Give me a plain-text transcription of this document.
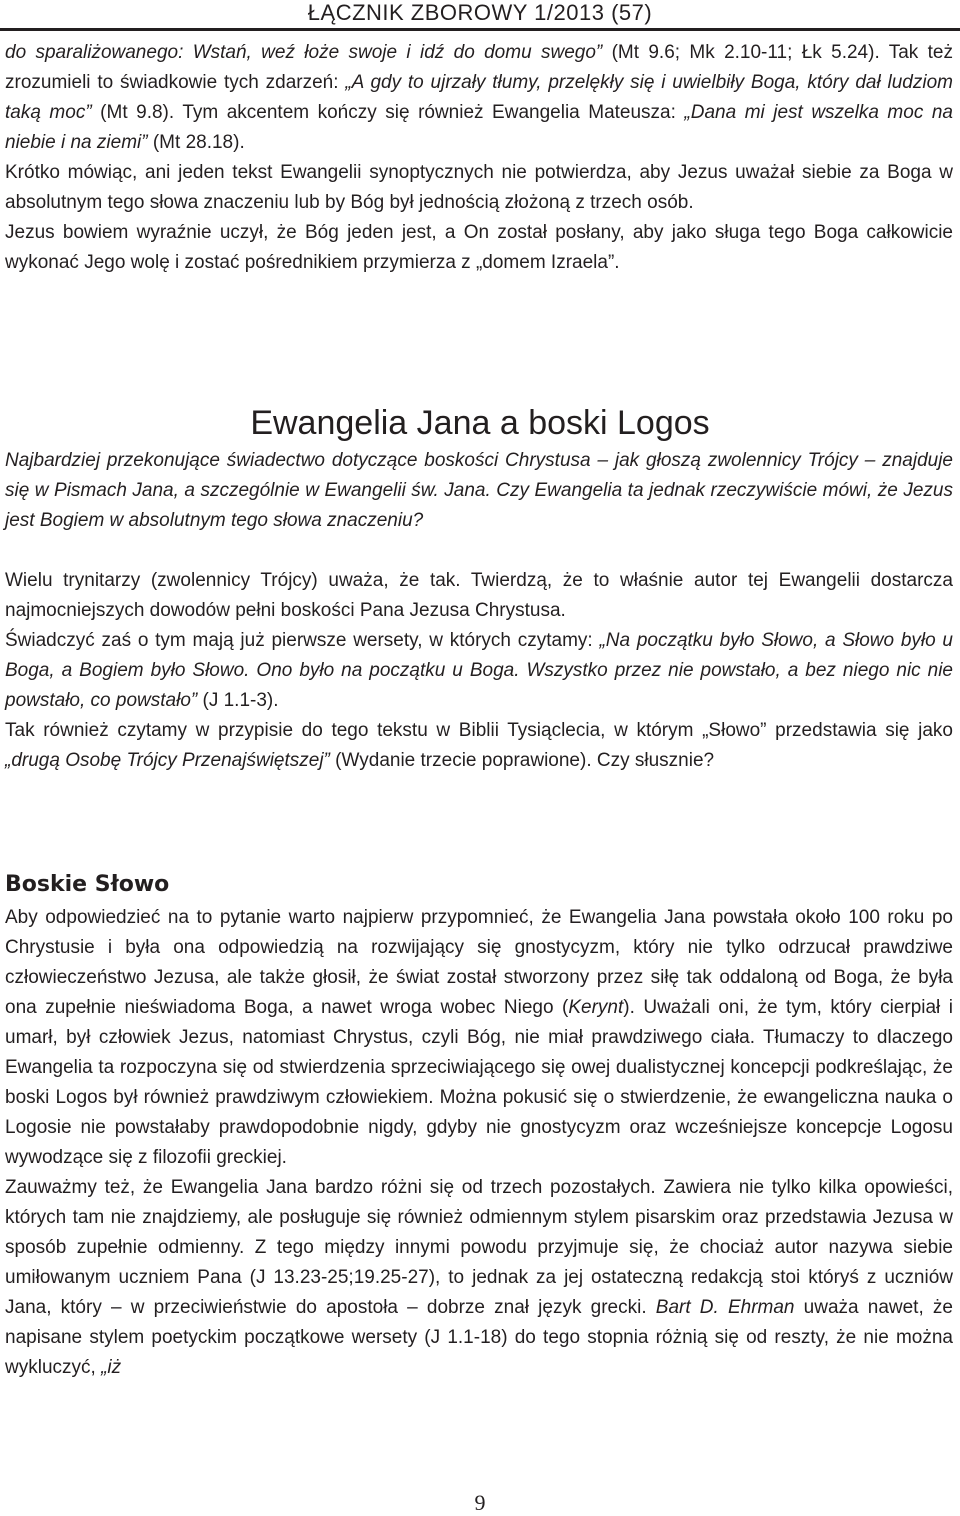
ŁĄCZNIK ZBOROWY 1/2013 (57)

do sparaliżowanego: Wstań, weź łoże swoje i idź do domu swego” (Mt 9.6; Mk 2.10-11; Łk 5.24). Tak też zrozumieli to świadkowie tych zdarzeń: „A gdy to ujrzały tłumy, przelękły się i uwielbiły Boga, który dał ludziom taką moc” (Mt 9.8). Tym akcentem kończy się również Ewangelia Mateusza: „Dana mi jest wszelka moc na niebie i na ziemi” (Mt 28.18).

Krótko mówiąc, ani jeden tekst Ewangelii synoptycznych nie potwierdza, aby Jezus uważał siebie za Boga w absolutnym tego słowa znaczeniu lub by Bóg był jednością złożoną z trzech osób.

Jezus bowiem wyraźnie uczył, że Bóg jeden jest, a On został posłany, aby jako sługa tego Boga całkowicie wykonać Jego wolę i zostać pośrednikiem przymierza z „domem Izraela”.

Ewangelia Jana a boski Logos

Najbardziej przekonujące świadectwo dotyczące boskości Chrystusa – jak głoszą zwolennicy Trójcy – znajduje się w Pismach Jana, a szczególnie w Ewangelii św. Jana. Czy Ewangelia ta jednak rzeczywiście mówi, że Jezus jest Bogiem w absolutnym tego słowa znaczeniu?

Wielu trynitarzy (zwolennicy Trójcy) uważa, że tak. Twierdzą, że to właśnie autor tej Ewangelii dostarcza najmocniejszych dowodów pełni boskości Pana Jezusa Chrystusa.

Świadczyć zaś o tym mają już pierwsze wersety, w których czytamy: „Na początku było Słowo, a Słowo było u Boga, a Bogiem było Słowo. Ono było na początku u Boga. Wszystko przez nie powstało, a bez niego nic nie powstało, co powstało” (J 1.1-3).

Tak również czytamy w przypisie do tego tekstu w Biblii Tysiąclecia, w którym „Słowo” przedstawia się jako „drugą Osobę Trójcy Przenajświętszej” (Wydanie trzecie poprawione). Czy słusznie?

Boskie Słowo

Aby odpowiedzieć na to pytanie warto najpierw przypomnieć, że Ewangelia Jana powstała około 100 roku po Chrystusie i była ona odpowiedzią na rozwijający się gnostycyzm, który nie tylko odrzucał prawdziwe człowieczeństwo Jezusa, ale także głosił, że świat został stworzony przez siłę tak oddaloną od Boga, że była ona zupełnie nieświadoma Boga, a nawet wroga wobec Niego (Kerynt). Uważali oni, że tym, który cierpiał i umarł, był człowiek Jezus, natomiast Chrystus, czyli Bóg, nie miał prawdziwego ciała. Tłumaczy to dlaczego Ewangelia ta rozpoczyna się od stwierdzenia sprzeciwiającego się owej dualistycznej koncepcji podkreślając, że boski Logos był również prawdziwym człowiekiem. Można pokusić się o stwierdzenie, że ewangeliczna nauka o Logosie nie powstałaby prawdopodobnie nigdy, gdyby nie gnostycyzm oraz wcześniejsze koncepcje Logosu wywodzące się z filozofii greckiej.

Zauważmy też, że Ewangelia Jana bardzo różni się od trzech pozostałych. Zawiera nie tylko kilka opowieści, których tam nie znajdziemy, ale posługuje się również odmiennym stylem pisarskim oraz przedstawia Jezusa w sposób zupełnie odmienny. Z tego między innymi powodu przyjmuje się, że chociaż autor nazywa siebie umiłowanym uczniem Pana (J 13.23-25;19.25-27), to jednak za jej ostateczną redakcją stoi któryś z uczniów Jana, który – w przeciwieństwie do apostoła – dobrze znał język grecki. Bart D. Ehrman uważa nawet, że napisane stylem poetyckim początkowe wersety (J 1.1-18) do tego stopnia różnią się od reszty, że nie można wykluczyć, „iż

9
